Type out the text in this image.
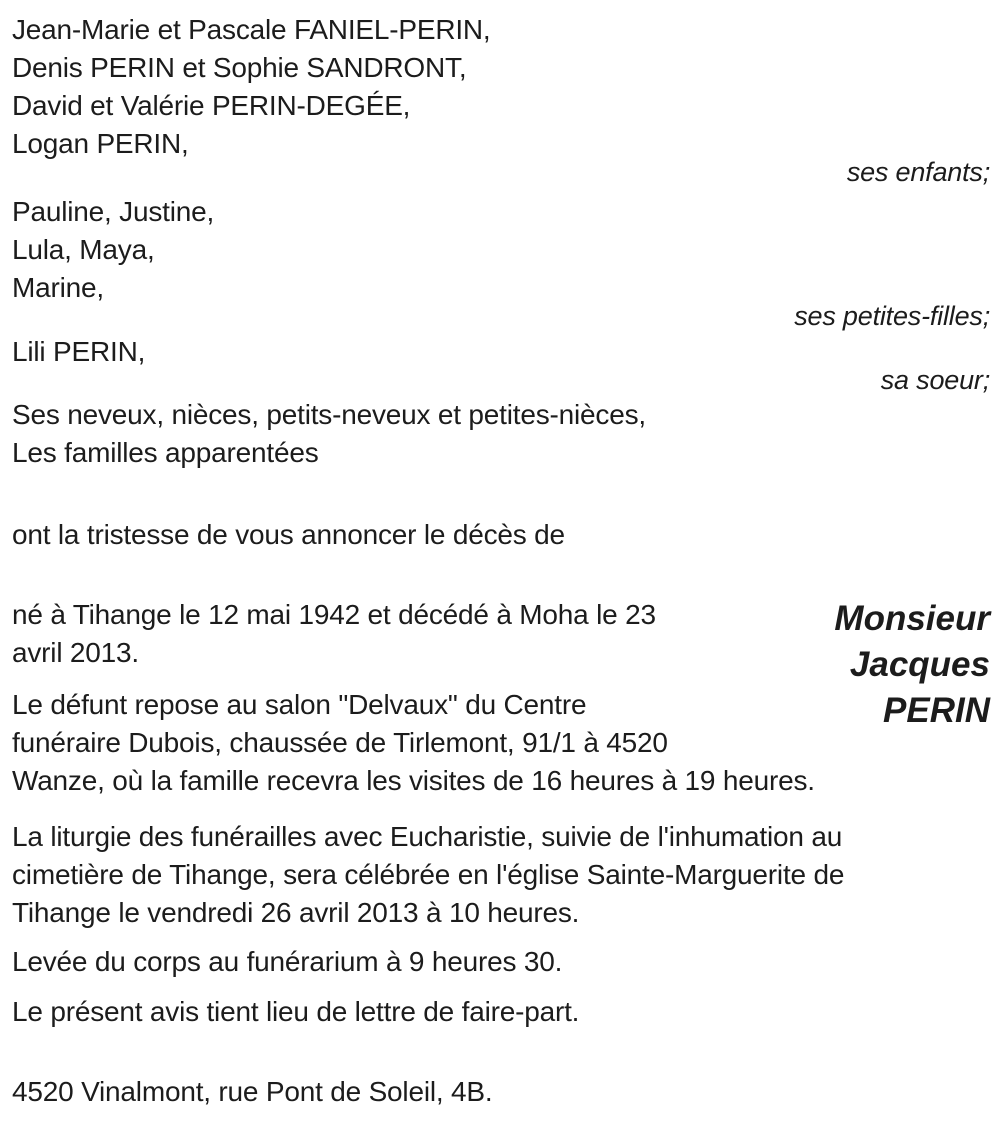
Jean-Marie et Pascale FANIEL-PERIN,
Denis PERIN et Sophie SANDRONT,
David et Valérie PERIN-DEGÉE,
Logan PERIN,
ses enfants;
Pauline, Justine,
Lula, Maya,
Marine,
ses petites-filles;
Lili PERIN,
sa soeur;
Ses neveux, nièces, petits-neveux et petites-nièces,
Les familles apparentées

ont la tristesse de vous annoncer le décès de

Monsieur
Jacques
PERIN

né à Tihange le 12 mai 1942 et décédé à Moha le 23
avril 2013.

Le défunt repose au salon "Delvaux" du Centre
funéraire Dubois, chaussée de Tirlemont, 91/1 à 4520
Wanze, où la famille recevra les visites de 16 heures à 19 heures.

La liturgie des funérailles avec Eucharistie, suivie de l'inhumation au
cimetière de Tihange, sera célébrée en l'église Sainte-Marguerite de
Tihange le vendredi 26 avril 2013 à 10 heures.

Levée du corps au funérarium à 9 heures 30.

Le présent avis tient lieu de lettre de faire-part.

4520 Vinalmont, rue Pont de Soleil, 4B.
